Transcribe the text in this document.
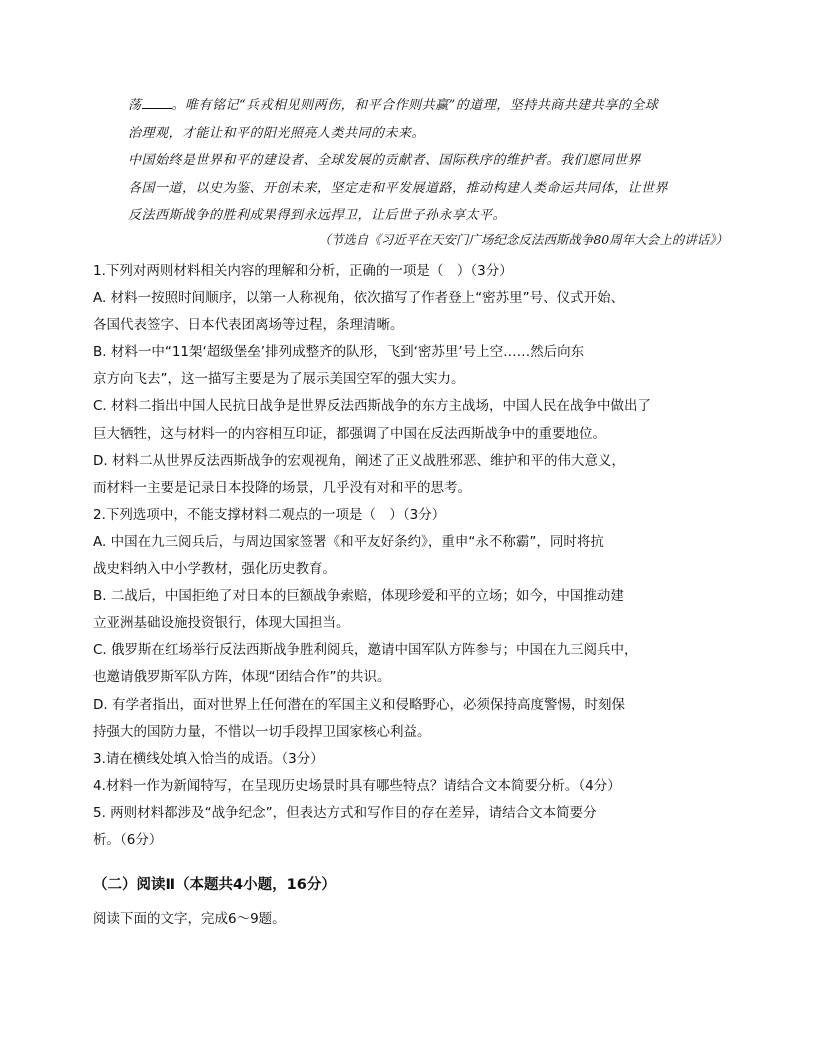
荡 。唯有铭记“兵戎相见则两伤，和平合作则共赢”的道理，坚持共商共建共享的全球
治理观，才能让和平的阳光照亮人类共同的未来。
中国始终是世界和平的建设者、全球发展的贡献者、国际秩序的维护者。我们愿同世界
各国一道，以史为鉴、开创未来，坚定走和平发展道路，推动构建人类命运共同体，让世界
反法西斯战争的胜利成果得到永远捍卫，让后世子孙永享太平。
（节选自《习近平在天安门广场纪念反法西斯战争80周年大会上的讲话》）
1.下列对两则材料相关内容的理解和分析，正确的一项是（　）（3分）
A. 材料一按照时间顺序，以第一人称视角，依次描写了作者登上“密苏里”号、仪式开始、
各国代表签字、日本代表团离场等过程，条理清晰。
B. 材料一中“11架‘超级堡垒’排列成整齐的队形，飞到‘密苏里’号上空……然后向东
京方向飞去”，这一描写主要是为了展示美国空军的强大实力。
C. 材料二指出中国人民抗日战争是世界反法西斯战争的东方主战场，中国人民在战争中做出了
巨大牺牲，这与材料一的内容相互印证，都强调了中国在反法西斯战争中的重要地位。
D. 材料二从世界反法西斯战争的宏观视角，阐述了正义战胜邪恶、维护和平的伟大意义，
而材料一主要是记录日本投降的场景，几乎没有对和平的思考。
2.下列选项中，不能支撑材料二观点的一项是（　）（3分）
A. 中国在九三阅兵后，与周边国家签署《和平友好条约》，重申“永不称霸”，同时将抗
战史料纳入中小学教材，强化历史教育。
B. 二战后，中国拒绝了对日本的巨额战争索赔，体现珍爱和平的立场；如今，中国推动建
立亚洲基础设施投资银行，体现大国担当。
C. 俄罗斯在红场举行反法西斯战争胜利阅兵，邀请中国军队方阵参与；中国在九三阅兵中，
也邀请俄罗斯军队方阵，体现“团结合作”的共识。
D. 有学者指出，面对世界上任何潜在的军国主义和侵略野心，必须保持高度警惕，时刻保
持强大的国防力量，不惜以一切手段捍卫国家核心利益。
3.请在横线处填入恰当的成语。（3分）
4.材料一作为新闻特写，在呈现历史场景时具有哪些特点？请结合文本简要分析。（4分）
5. 两则材料都涉及“战争纪念”，但表达方式和写作目的存在差异，请结合文本简要分
析。（6分）
（二）阅读Ⅱ（本题共4小题，16分）
阅读下面的文字，完成6～9题。
